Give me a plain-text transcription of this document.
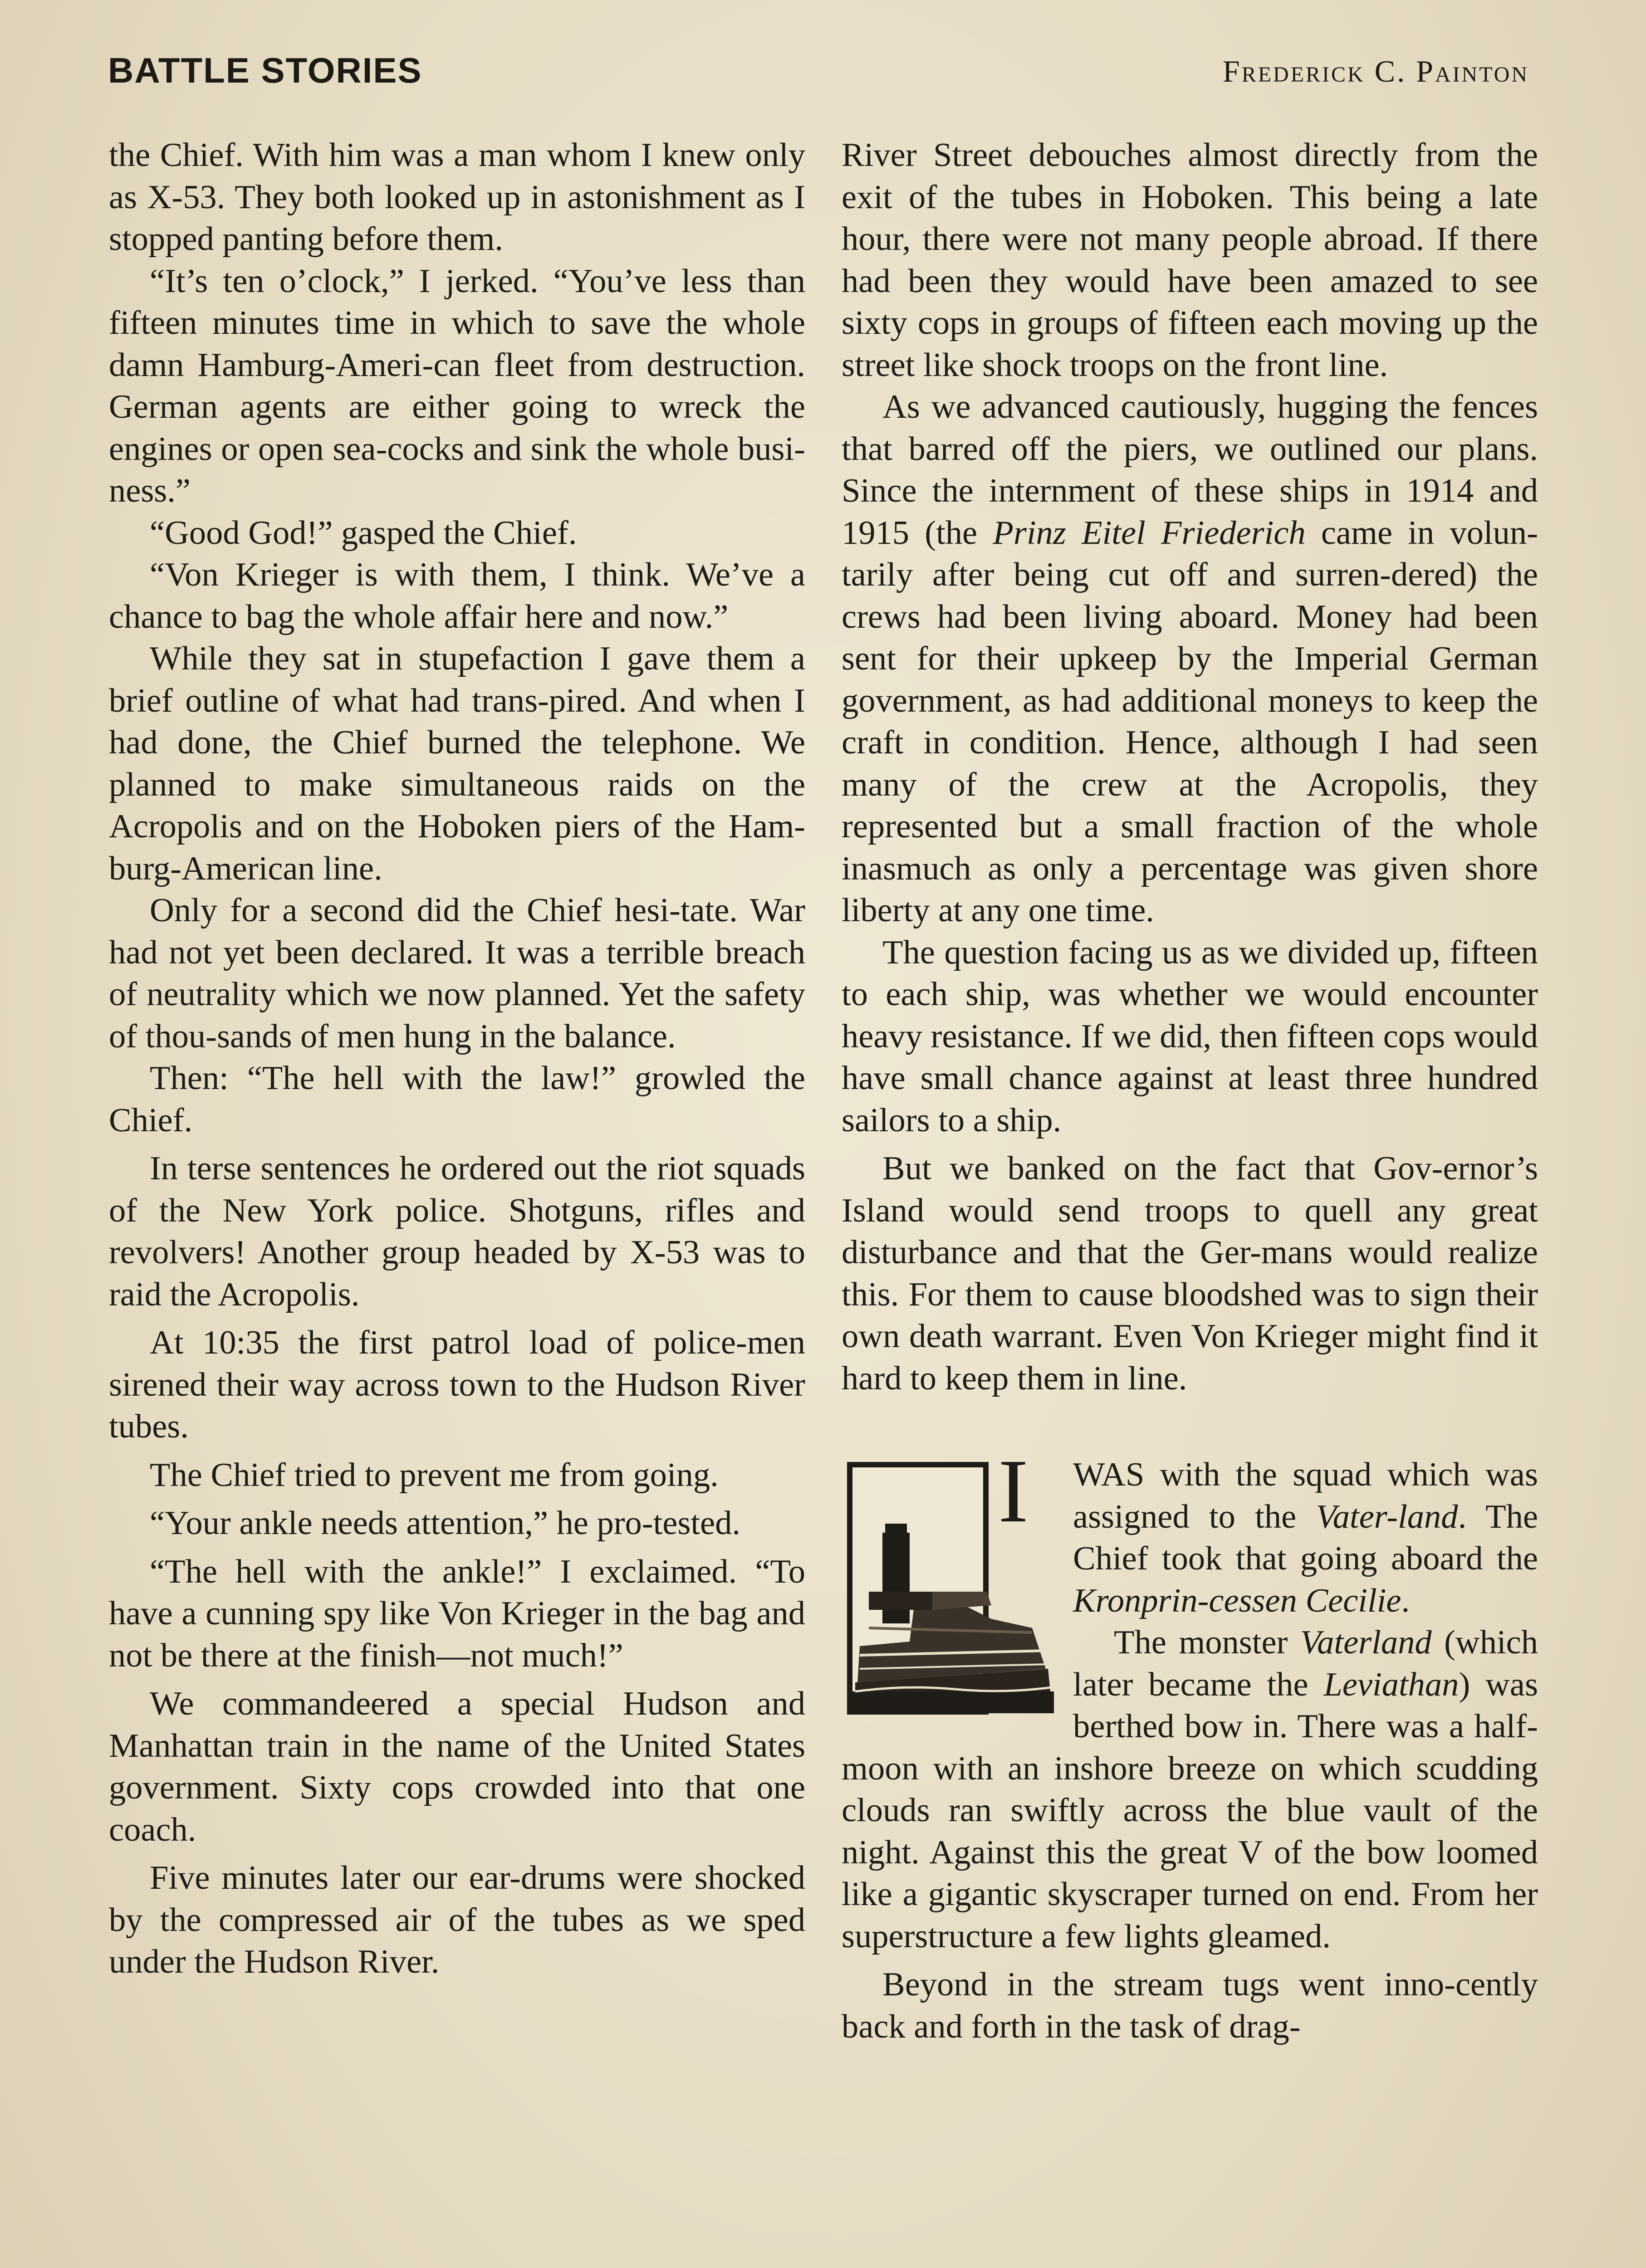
BATTLE STORIES	Frederick C. Painton

the Chief. With him was a man whom I knew only as X-53. They both looked up in astonishment as I stopped panting before them.

“It’s ten o’clock,” I jerked. “You’ve less than fifteen minutes time in which to save the whole damn Hamburg-Ameri-can fleet from destruction. German agents are either going to wreck the engines or open sea-cocks and sink the whole busi-ness.”

“Good God!” gasped the Chief.

“Von Krieger is with them, I think. We’ve a chance to bag the whole affair here and now.”

While they sat in stupefaction I gave them a brief outline of what had trans-pired. And when I had done, the Chief burned the telephone. We planned to make simultaneous raids on the Acropolis and on the Hoboken piers of the Ham-burg-American line.

Only for a second did the Chief hesi-tate. War had not yet been declared. It was a terrible breach of neutrality which we now planned. Yet the safety of thou-sands of men hung in the balance.

Then: “The hell with the law!” growled the Chief.

In terse sentences he ordered out the riot squads of the New York police. Shotguns, rifles and revolvers! Another group headed by X-53 was to raid the Acropolis.

At 10:35 the first patrol load of police-men sirened their way across town to the Hudson River tubes.

The Chief tried to prevent me from going.

“Your ankle needs attention,” he pro-tested.

“The hell with the ankle!” I exclaimed. “To have a cunning spy like Von Krieger in the bag and not be there at the finish—not much!”

We commandeered a special Hudson and Manhattan train in the name of the United States government. Sixty cops crowded into that one coach.

Five minutes later our ear-drums were shocked by the compressed air of the tubes as we sped under the Hudson River.

River Street debouches almost directly from the exit of the tubes in Hoboken. This being a late hour, there were not many people abroad. If there had been they would have been amazed to see sixty cops in groups of fifteen each moving up the street like shock troops on the front line.

As we advanced cautiously, hugging the fences that barred off the piers, we outlined our plans. Since the internment of these ships in 1914 and 1915 (the Prinz Eitel Friederich came in volun-tarily after being cut off and surren-dered) the crews had been living aboard. Money had been sent for their upkeep by the Imperial German government, as had additional moneys to keep the craft in condition. Hence, although I had seen many of the crew at the Acropolis, they represented but a small fraction of the whole inasmuch as only a percentage was given shore liberty at any one time.

The question facing us as we divided up, fifteen to each ship, was whether we would encounter heavy resistance. If we did, then fifteen cops would have small chance against at least three hundred sailors to a ship.

But we banked on the fact that Gov-ernor’s Island would send troops to quell any great disturbance and that the Ger-mans would realize this. For them to cause bloodshed was to sign their own death warrant. Even Von Krieger might find it hard to keep them in line.

I WAS with the squad which was assigned to the Vater-land. The Chief took that going aboard the Kronprin-cessen Cecilie.

The monster Vaterland (which later became the Leviathan) was berthed bow in. There was a half-moon with an inshore breeze on which scudding clouds ran swiftly across the blue vault of the night. Against this the great V of the bow loomed like a gigantic skyscraper turned on end. From her superstructure a few lights gleamed.

Beyond in the stream tugs went inno-cently back and forth in the task of drag-
